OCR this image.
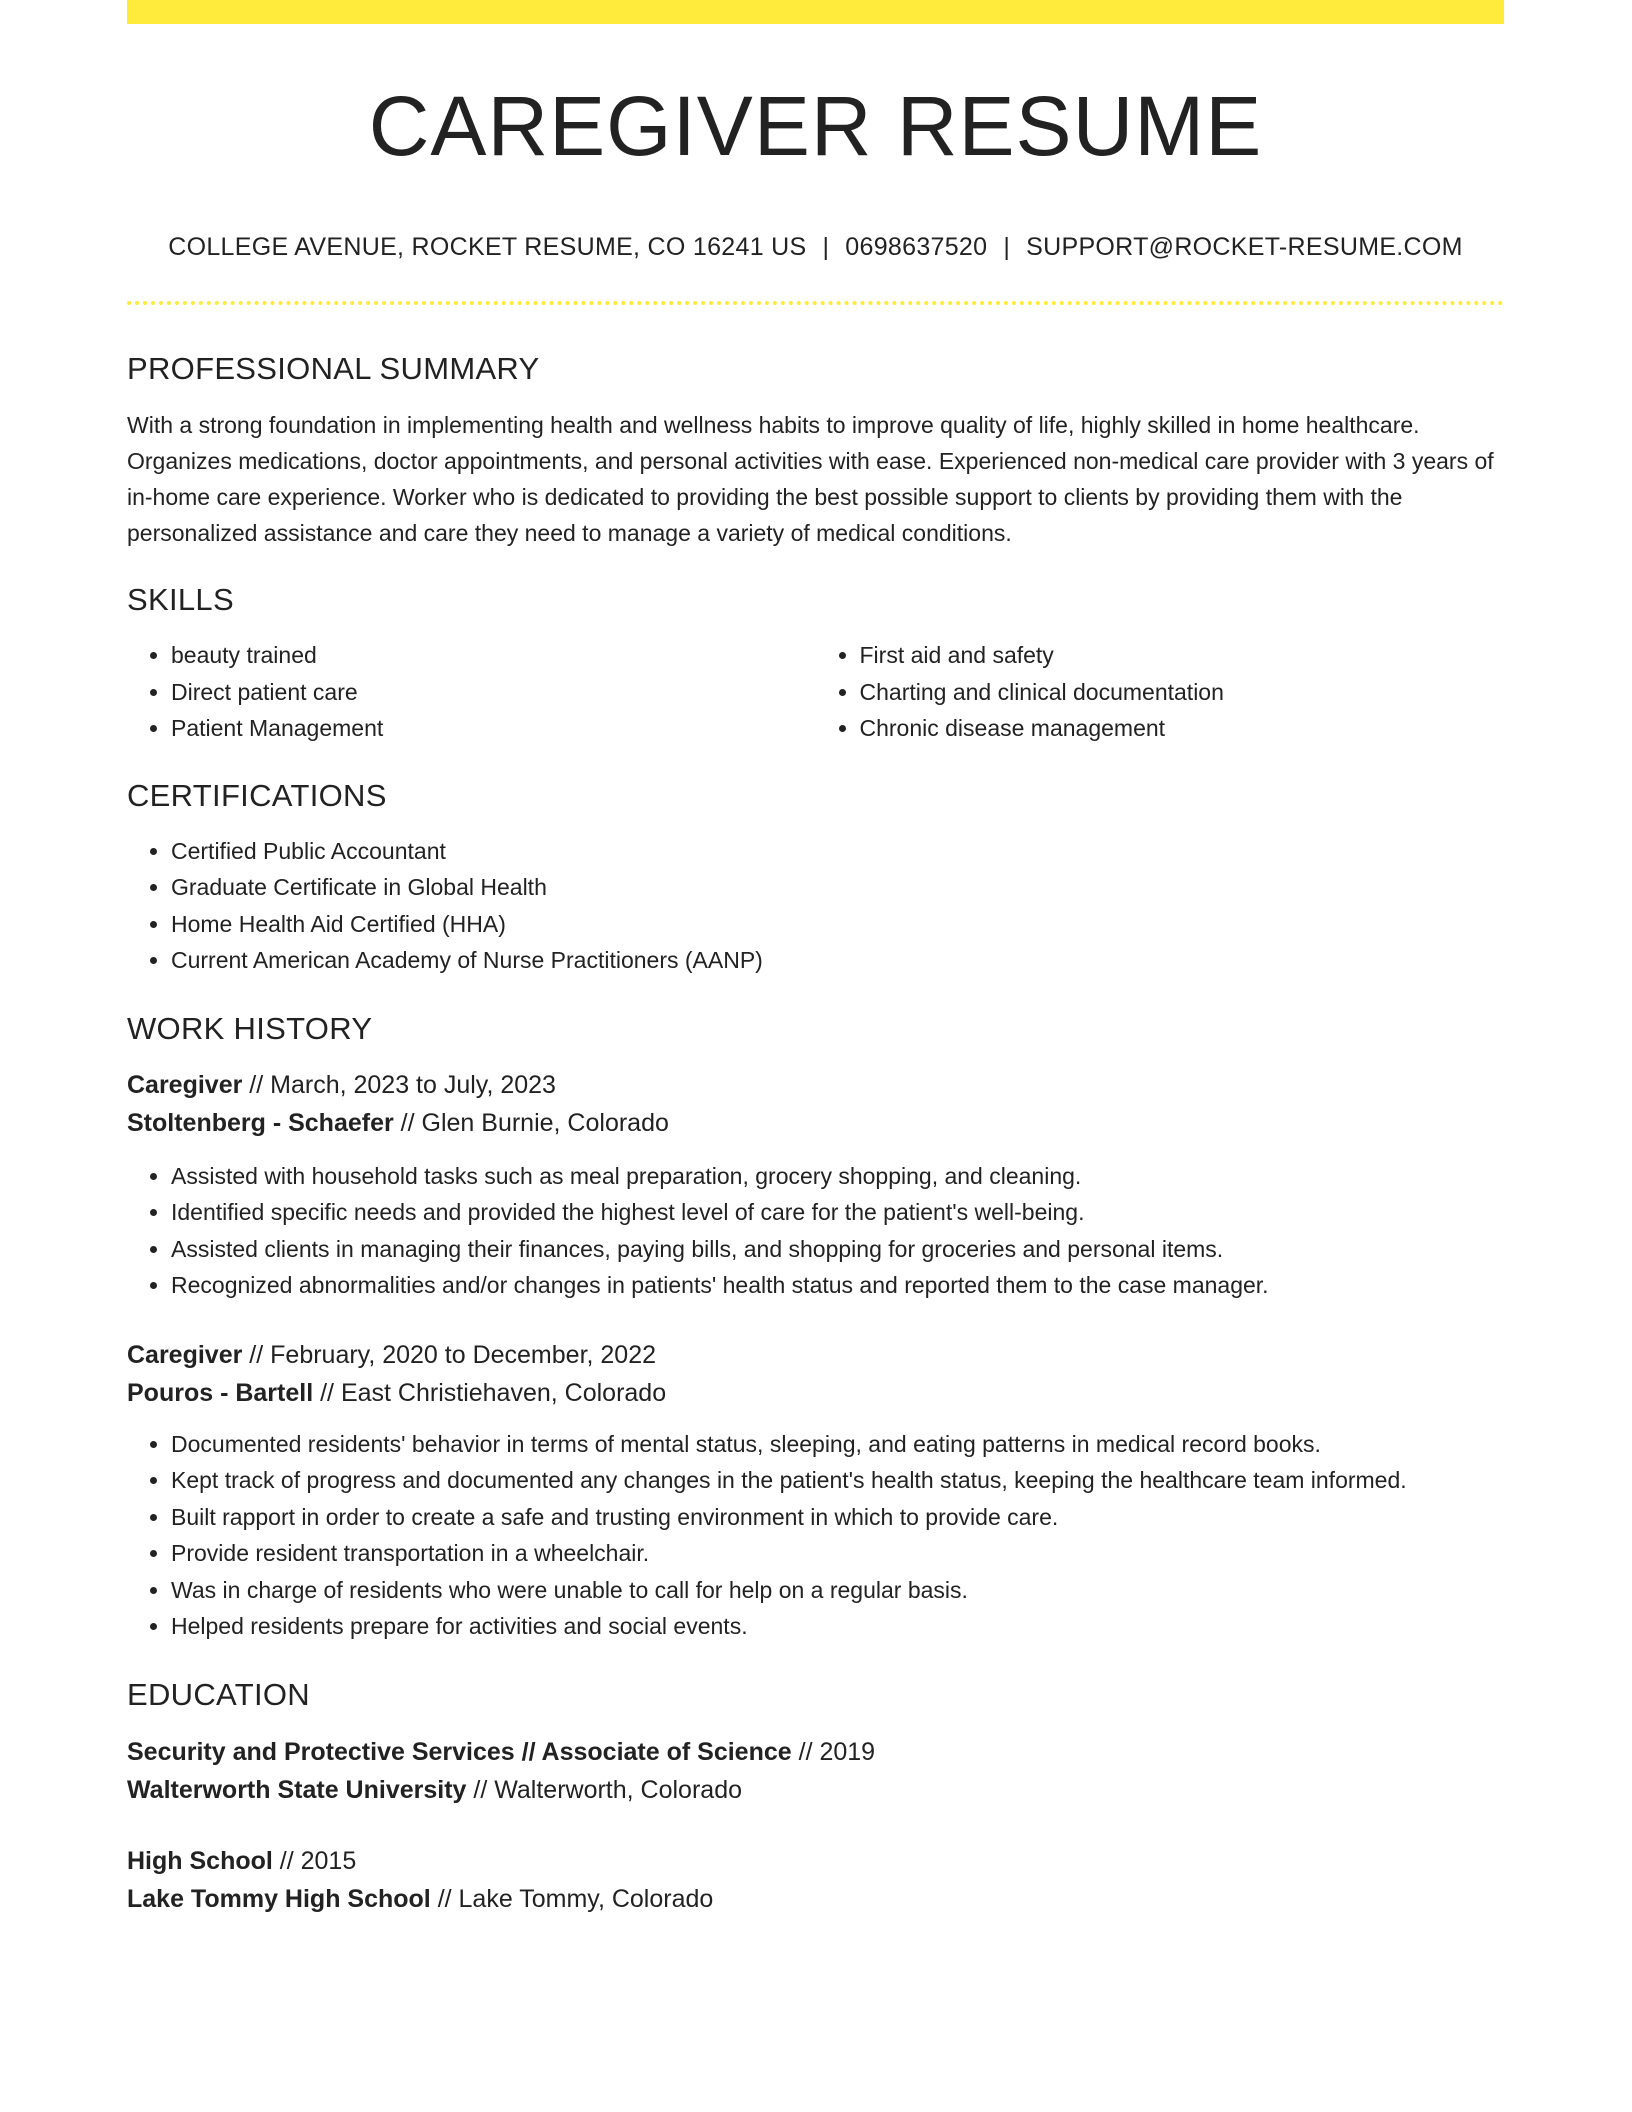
CAREGIVER RESUME
COLLEGE AVENUE, ROCKET RESUME, CO 16241 US | 0698637520 | SUPPORT@ROCKET-RESUME.COM
PROFESSIONAL SUMMARY

With a strong foundation in implementing health and wellness habits to improve quality of life, highly skilled in home healthcare. Organizes medications, doctor appointments, and personal activities with ease. Experienced non-medical care provider with 3 years of in-home care experience. Worker who is dedicated to providing the best possible support to clients by providing them with the personalized assistance and care they need to manage a variety of medical conditions.

SKILLS
• beauty trained
• Direct patient care
• Patient Management
• First aid and safety
• Charting and clinical documentation
• Chronic disease management
CERTIFICATIONS
• Certified Public Accountant
• Graduate Certificate in Global Health
• Home Health Aid Certified (HHA)
• Current American Academy of Nurse Practitioners (AANP)
WORK HISTORY
Caregiver // March, 2023 to July, 2023
Stoltenberg - Schaefer // Glen Burnie, Colorado
• Assisted with household tasks such as meal preparation, grocery shopping, and cleaning.
• Identified specific needs and provided the highest level of care for the patient's well-being.
• Assisted clients in managing their finances, paying bills, and shopping for groceries and personal items.
• Recognized abnormalities and/or changes in patients' health status and reported them to the case manager.
Caregiver // February, 2020 to December, 2022
Pouros - Bartell // East Christiehaven, Colorado
• Documented residents' behavior in terms of mental status, sleeping, and eating patterns in medical record books.
• Kept track of progress and documented any changes in the patient's health status, keeping the healthcare team informed.
• Built rapport in order to create a safe and trusting environment in which to provide care.
• Provide resident transportation in a wheelchair.
• Was in charge of residents who were unable to call for help on a regular basis.
• Helped residents prepare for activities and social events.
EDUCATION
Security and Protective Services // Associate of Science // 2019
Walterworth State University // Walterworth, Colorado
High School // 2015
Lake Tommy High School // Lake Tommy, Colorado
